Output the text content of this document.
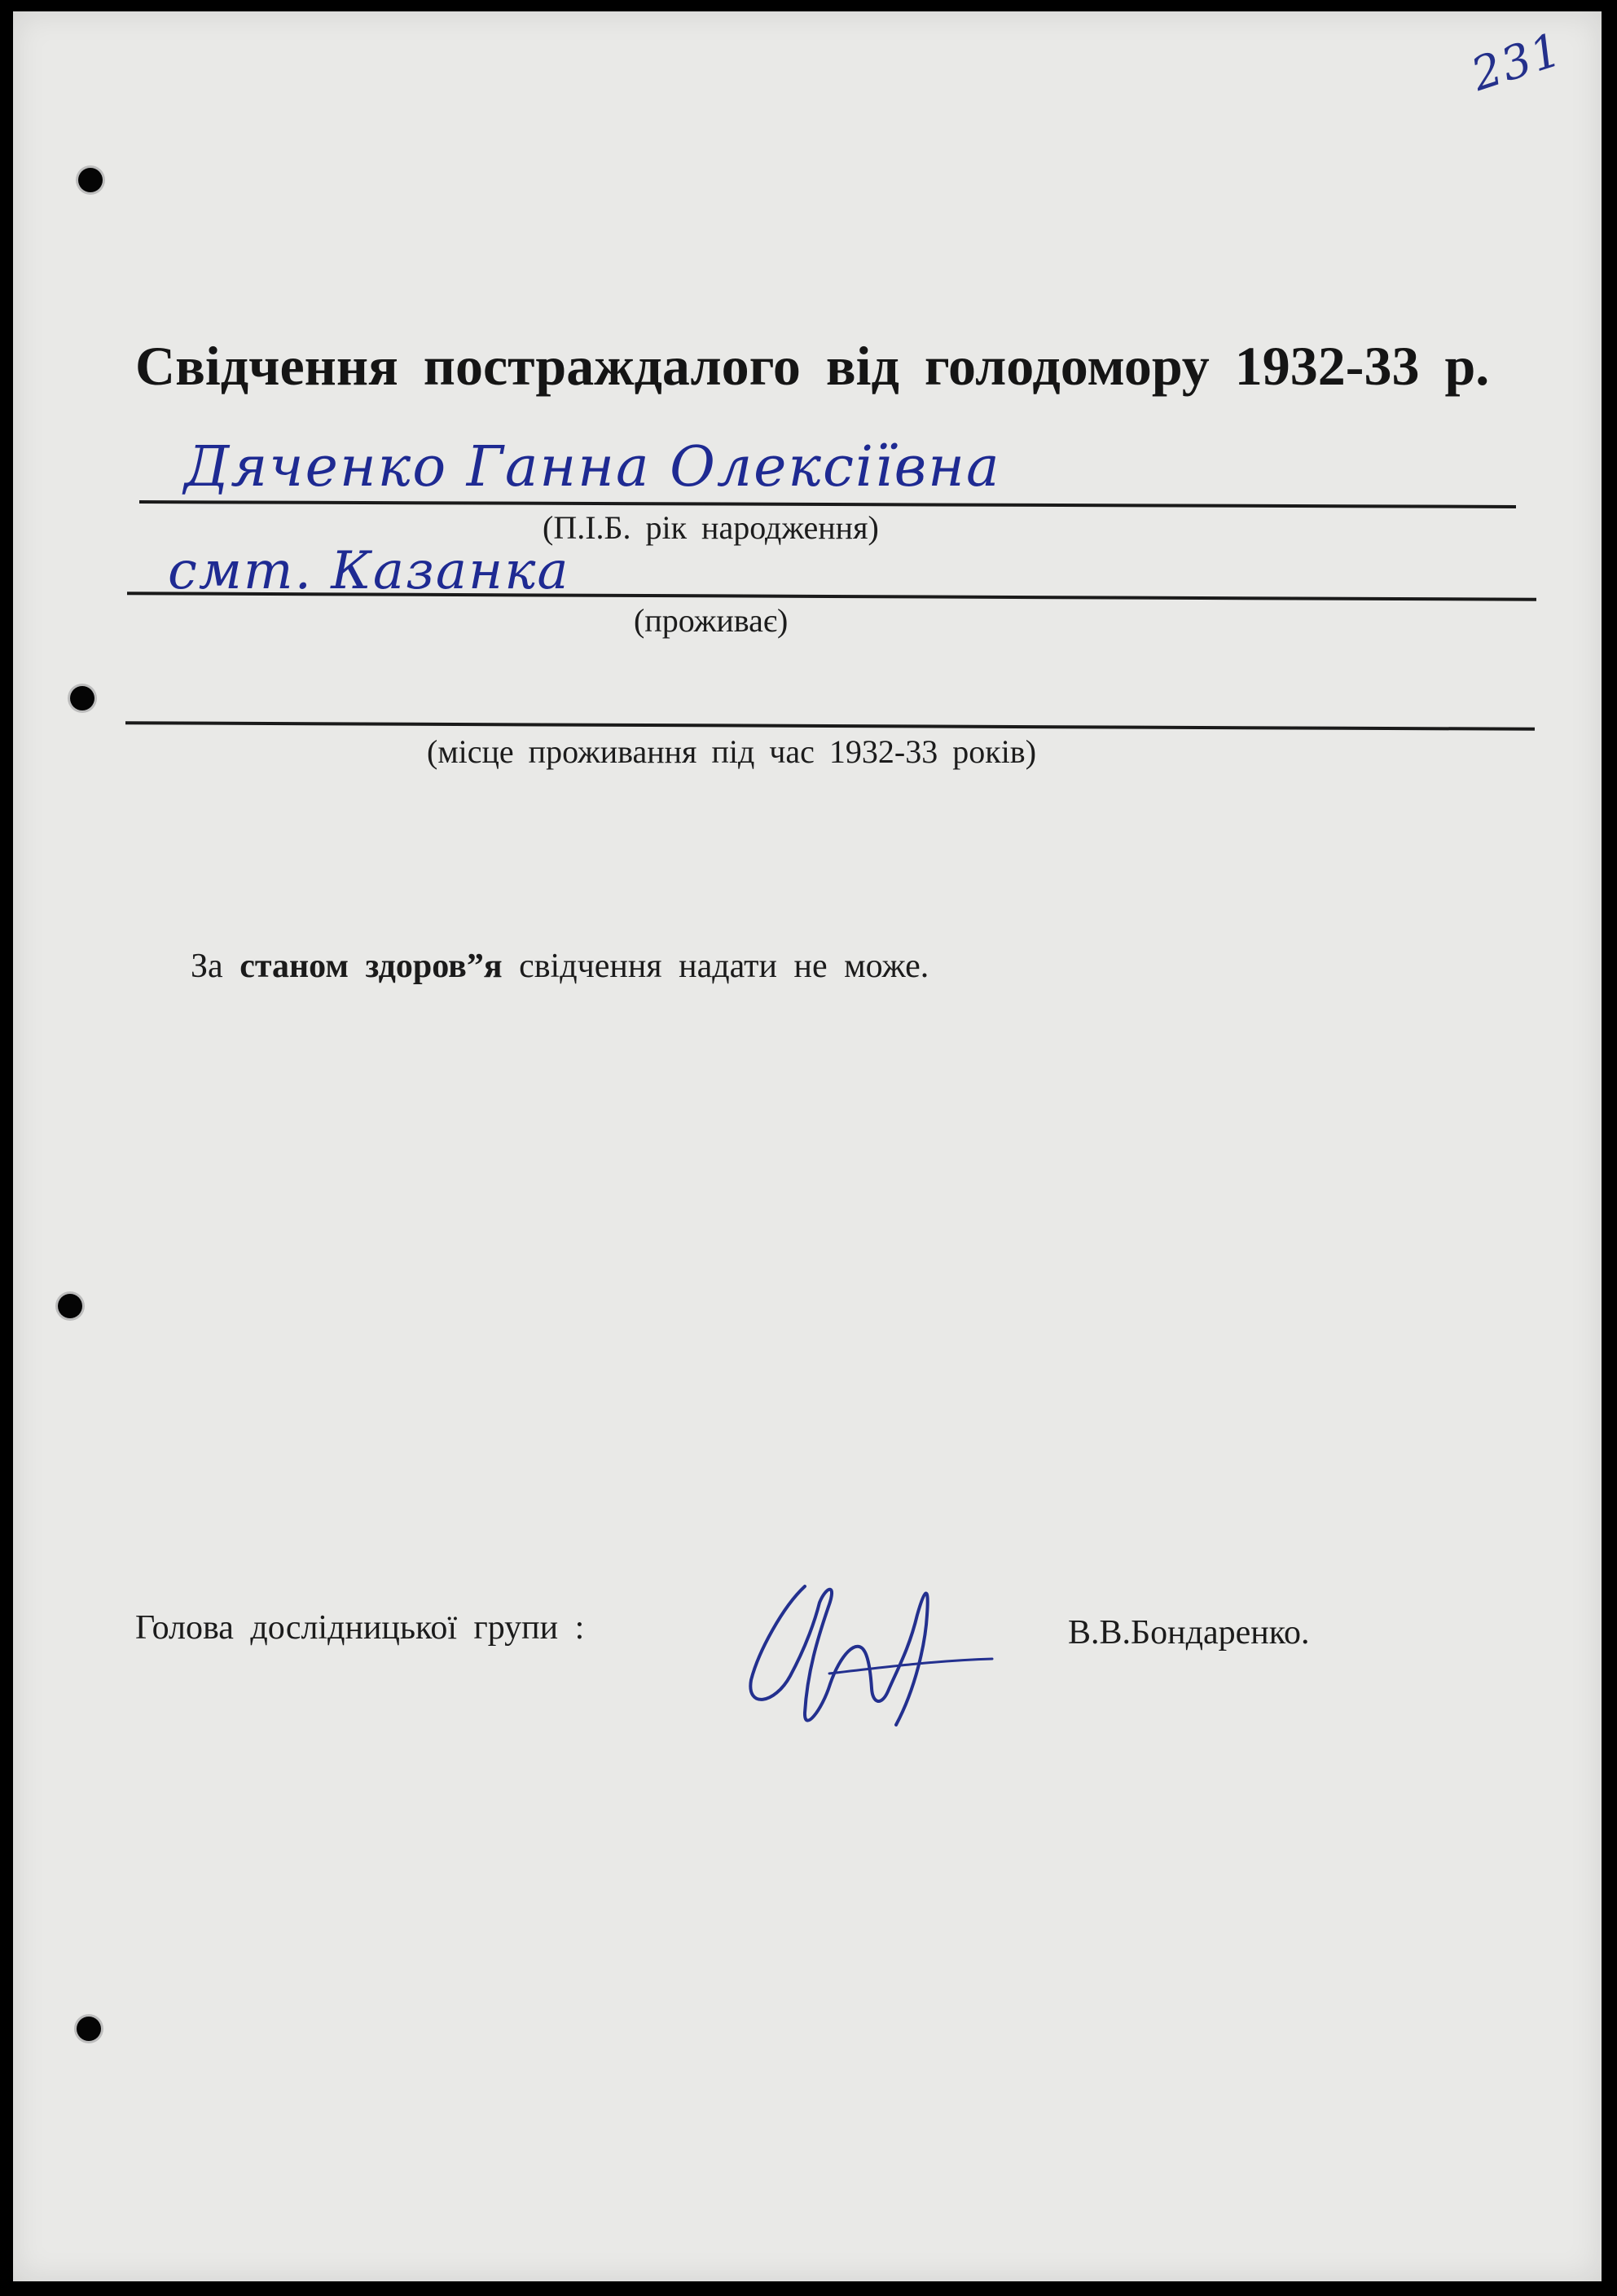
231
Свідчення постраждалого від голодомору 1932-33 р.
Дяченко Ганна Олексіївна
(П.І.Б. рік народження)
смт. Казанка
(проживає)
(місце проживання під час 1932-33 років)
За станом здоров”я свідчення надати не може.
Голова дослідницької групи :	В.В.Бондаренко.
